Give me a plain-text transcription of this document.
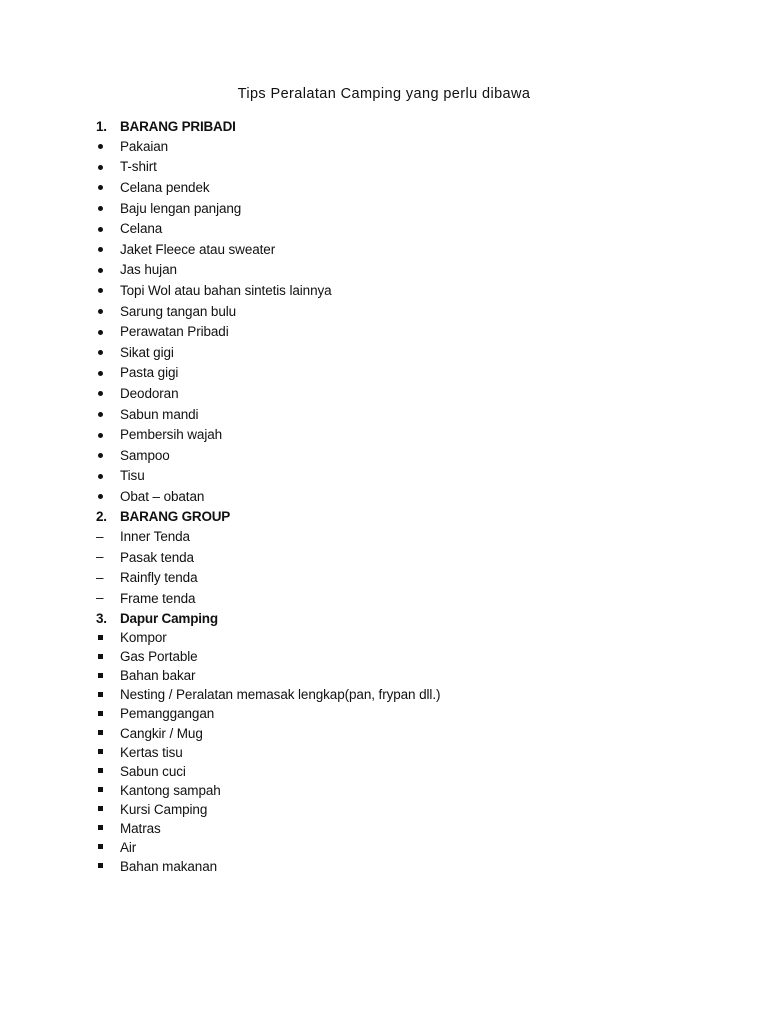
Tips Peralatan Camping yang perlu dibawa
1. BARANG PRIBADI
Pakaian
T-shirt
Celana pendek
Baju lengan panjang
Celana
Jaket Fleece atau sweater
Jas hujan
Topi Wol atau bahan sintetis lainnya
Sarung tangan bulu
Perawatan Pribadi
Sikat gigi
Pasta gigi
Deodoran
Sabun mandi
Pembersih wajah
Sampoo
Tisu
Obat – obatan
2. BARANG GROUP
–
Inner Tenda
–
Pasak tenda
–
Rainfly tenda
–
Frame tenda
3. Dapur Camping
Kompor
Gas Portable
Bahan bakar
Nesting / Peralatan memasak lengkap(pan, frypan dll.)
Pemanggangan
Cangkir / Mug
Kertas tisu
Sabun cuci
Kantong sampah
Kursi Camping
Matras
Air
Bahan makanan
